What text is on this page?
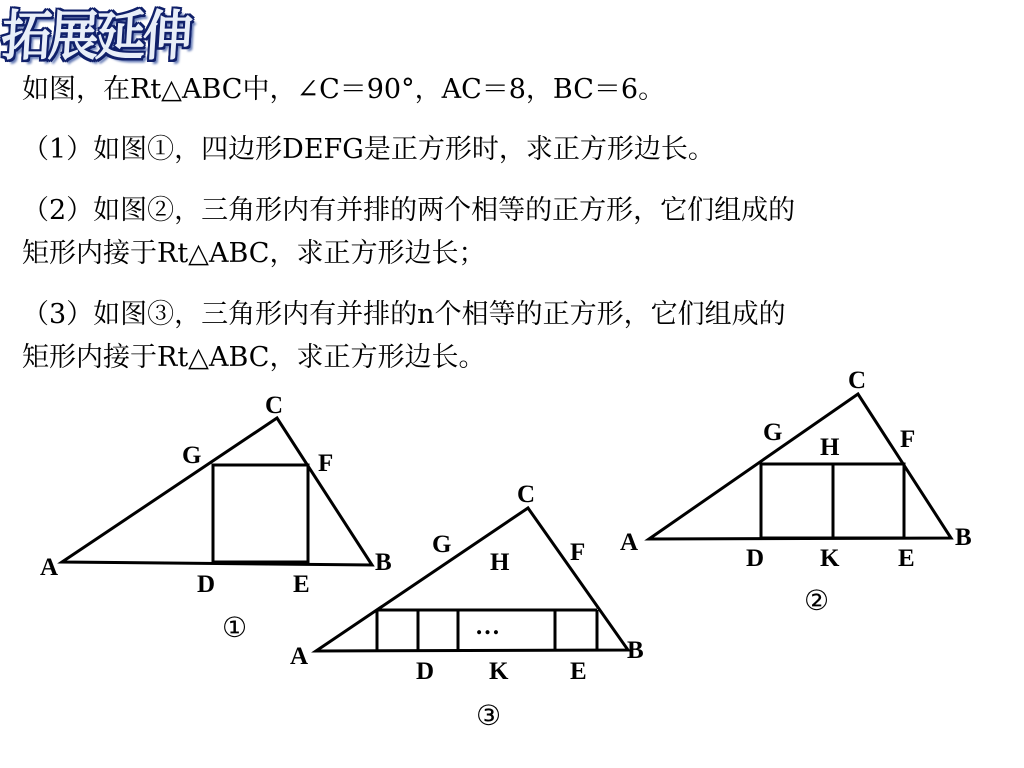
拓展延伸
如图，在Rt△ABC中，∠C＝90°，AC＝8，BC＝6。
（1）如图①，四边形DEFG是正方形时，求正方形边长。
（2）如图②，三角形内有并排的两个相等的正方形，它们组成的
矩形内接于Rt△ABC，求正方形边长；
（3）如图③，三角形内有并排的n个相等的正方形，它们组成的
矩形内接于Rt△ABC，求正方形边长。
A	B
C
D	E
F
G
①
A	B
C
D	E
F
G
H
K
②
A	B
C
D	E
F
G
H
K
…
③
